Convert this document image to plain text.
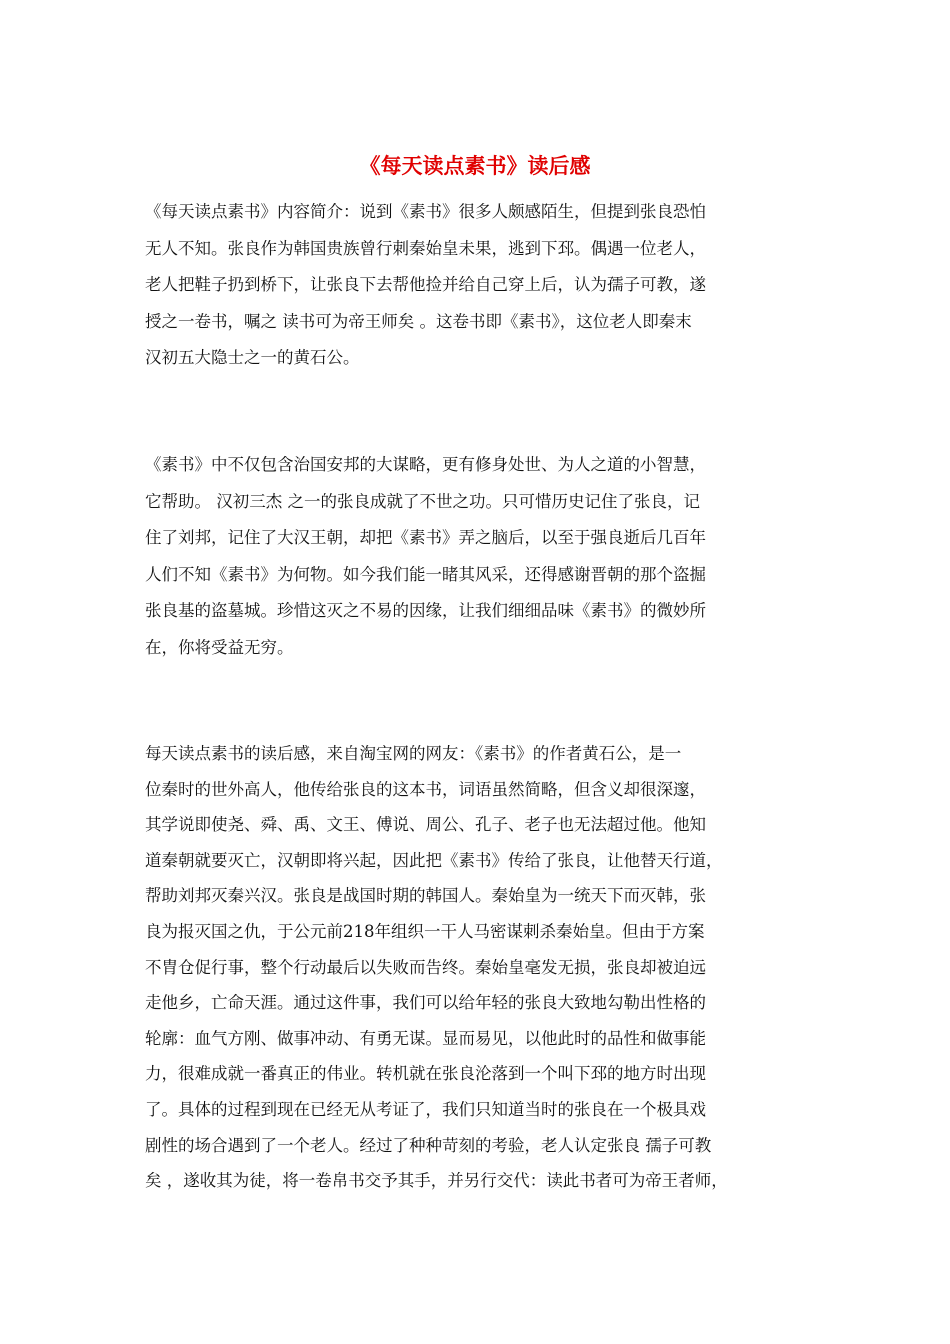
《每天读点素书》读后感
《每天读点素书》内容简介：说到《素书》很多人颇感陌生，但提到张良恐怕
无人不知。张良作为韩国贵族曾行刺秦始皇未果，逃到下邳。偶遇一位老人，
老人把鞋子扔到桥下，让张良下去帮他捡并给自己穿上后，认为孺子可教，遂
授之一卷书，嘱之 读书可为帝王师矣 。这卷书即《素书》，这位老人即秦末
汉初五大隐士之一的黄石公。
《素书》中不仅包含治国安邦的大谋略，更有修身处世、为人之道的小智慧，
它帮助。 汉初三杰 之一的张良成就了不世之功。只可惜历史记住了张良，记
住了刘邦，记住了大汉王朝，却把《素书》弄之脑后，以至于强良逝后几百年
人们不知《素书》为何物。如今我们能一睹其风采，还得感谢晋朝的那个盗掘
张良基的盗墓城。珍惜这灭之不易的因缘，让我们细细品味《素书》的微妙所
在，你将受益无穷。
每天读点素书的读后感，来自淘宝网的网友：《素书》的作者黄石公，是一
位秦时的世外高人，他传给张良的这本书，词语虽然简略，但含义却很深邃，
其学说即使尧、舜、禹、文王、傅说、周公、孔子、老子也无法超过他。他知
道秦朝就要灭亡，汉朝即将兴起，因此把《素书》传给了张良，让他替天行道，
帮助刘邦灭秦兴汉。张良是战国时期的韩国人。秦始皇为一统天下而灭韩，张
良为报灭国之仇，于公元前218年组织一干人马密谋刺杀秦始皇。但由于方案
不胄仓促行事，整个行动最后以失败而告终。秦始皇毫发无损，张良却被迫远
走他乡，亡命天涯。通过这件事，我们可以给年轻的张良大致地勾勒出性格的
轮廓：血气方刚、做事冲动、有勇无谋。显而易见，以他此时的品性和做事能
力，很难成就一番真正的伟业。转机就在张良沦落到一个叫下邳的地方时出现
了。具体的过程到现在已经无从考证了，我们只知道当时的张良在一个极具戏
剧性的场合遇到了一个老人。经过了种种苛刻的考验，老人认定张良 孺子可教
矣 ，遂收其为徒，将一卷帛书交予其手，并另行交代：读此书者可为帝王者师，
